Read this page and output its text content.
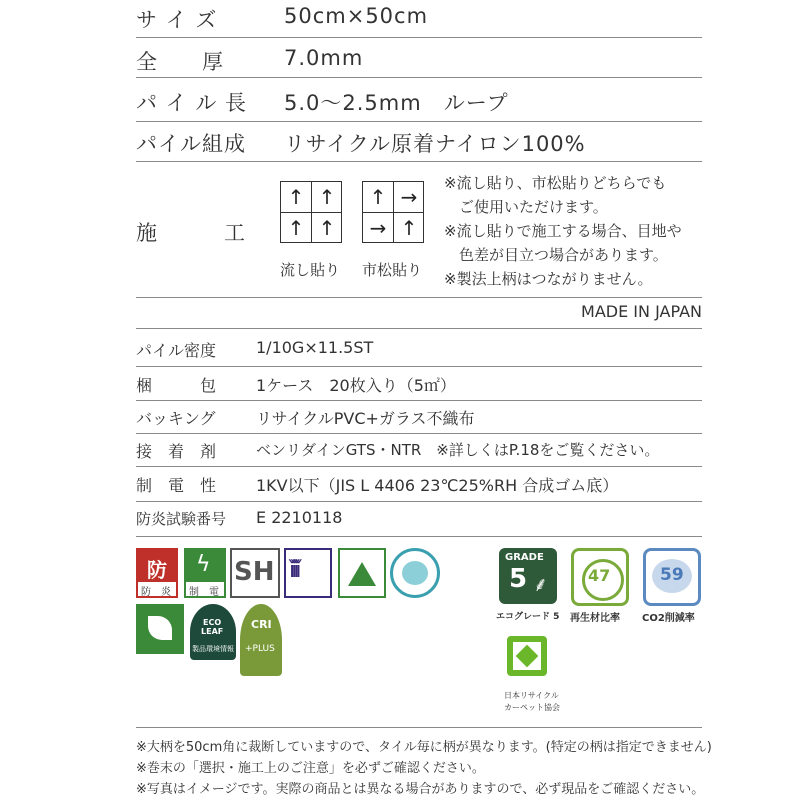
サ イ ズ	50cm×50cm
全　　厚	7.0mm
パ イ ル 長 5.0〜2.5mm　ループ
パイル組成 リサイクル原着ナイロン100%
施　　　工
↑ ↑
↑ ↑
流し貼り
↑ →
→ ↑
市松貼り
※流し貼り、市松貼りどちらでも
　ご使用いただけます。
※流し貼りで施工する場合、目地や
　色差が目立つ場合があります。
※製法上柄はつながりません。
MADE IN JAPAN
パイル密度 1/10G×11.5ST
梱　　　包 1ケース　20枚入り（5㎡）
バッキング	リサイクルPVC+ガラス不織布
接　着　剤	ベンリダインGTS・NTR　※詳しくはP.18をご覧ください。
制　電　性 1KV以下（JIS L 4406 23℃25%RH 合成ゴム底）
防炎試験番号 E 2210118
防
防　炎
ϟ
制　電
SH ǐǐǐǐ
ECO
LEAF
製品環境情報
CRI
+PLUS
GRADE
5 ⸙
エコグレード 5
47
再生材比率
59
CO2削減率
日本リサイクル
カーペット協会
※大柄を50cm角に裁断していますので、タイル毎に柄が異なります。(特定の柄は指定できません)
※巻末の「選択・施工上のご注意」を必ずご確認ください。
※写真はイメージです。実際の商品とは異なる場合がありますので、必ず現品をご確認ください。
